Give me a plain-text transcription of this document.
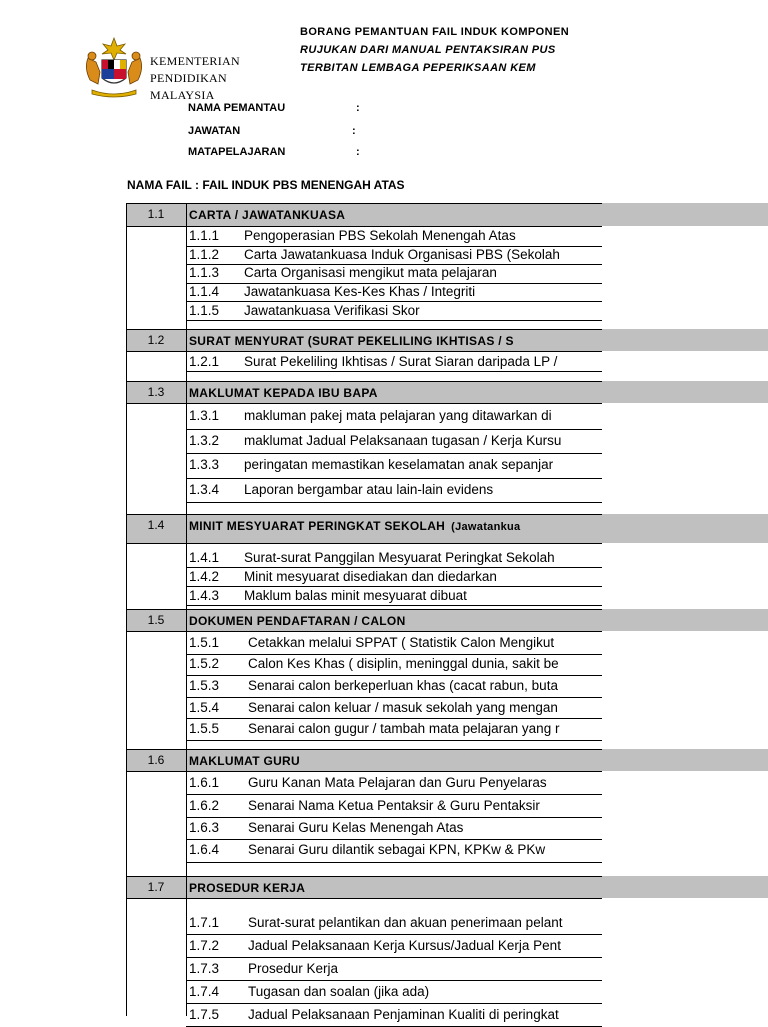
BORANG PEMANTUAN FAIL INDUK KOMPONEN
RUJUKAN DARI MANUAL PENTAKSIRAN PUS
TERBITAN LEMBAGA PEPERIKSAAN KEM
KEMENTERIAN
PENDIDIKAN
MALAYSIA
NAMA PEMANTAU	:
JAWATAN	:
MATAPELAJARAN	:
NAMA FAIL : FAIL INDUK PBS MENENGAH ATAS
1.1	CARTA / JAWATANKUASA
1.1.1 Pengoperasian PBS Sekolah Menengah Atas
1.1.2 Carta Jawatankuasa Induk Organisasi PBS (Sekolah
1.1.3 Carta Organisasi mengikut mata pelajaran
1.1.4 Jawatankuasa Kes-Kes Khas / Integriti
1.1.5 Jawatankuasa Verifikasi Skor
1.2	SURAT MENYURAT (SURAT PEKELILING IKHTISAS / S
1.2.1 Surat Pekeliling Ikhtisas / Surat Siaran daripada LP /
1.3	MAKLUMAT KEPADA IBU BAPA
1.3.1 makluman pakej mata pelajaran yang ditawarkan di
1.3.2 maklumat Jadual Pelaksanaan tugasan / Kerja Kursu
1.3.3 peringatan memastikan keselamatan anak sepanjar
1.3.4 Laporan bergambar atau lain-lain evidens
1.4	MINIT MESYUARAT PERINGKAT SEKOLAH (Jawatankua
1.4.1 Surat-surat Panggilan Mesyuarat Peringkat Sekolah
1.4.2 Minit mesyuarat disediakan dan diedarkan
1.4.3 Maklum balas minit mesyuarat dibuat
1.5	DOKUMEN PENDAFTARAN / CALON
1.5.1 Cetakkan melalui SPPAT ( Statistik Calon Mengikut
1.5.2 Calon Kes Khas ( disiplin, meninggal dunia, sakit be
1.5.3 Senarai calon berkeperluan khas (cacat rabun, buta
1.5.4 Senarai calon keluar / masuk sekolah yang mengan
1.5.5 Senarai calon gugur / tambah mata pelajaran yang r
1.6	MAKLUMAT GURU
1.6.1 Guru Kanan Mata Pelajaran dan Guru Penyelaras
1.6.2 Senarai Nama Ketua Pentaksir & Guru Pentaksir
1.6.3 Senarai Guru Kelas Menengah Atas
1.6.4 Senarai Guru dilantik sebagai KPN, KPKw & PKw
1.7	PROSEDUR KERJA
1.7.1 Surat-surat pelantikan dan akuan penerimaan pelant
1.7.2 Jadual Pelaksanaan Kerja Kursus/Jadual Kerja Pent
1.7.3 Prosedur Kerja
1.7.4 Tugasan dan soalan (jika ada)
1.7.5 Jadual Pelaksanaan Penjaminan Kualiti di peringkat
